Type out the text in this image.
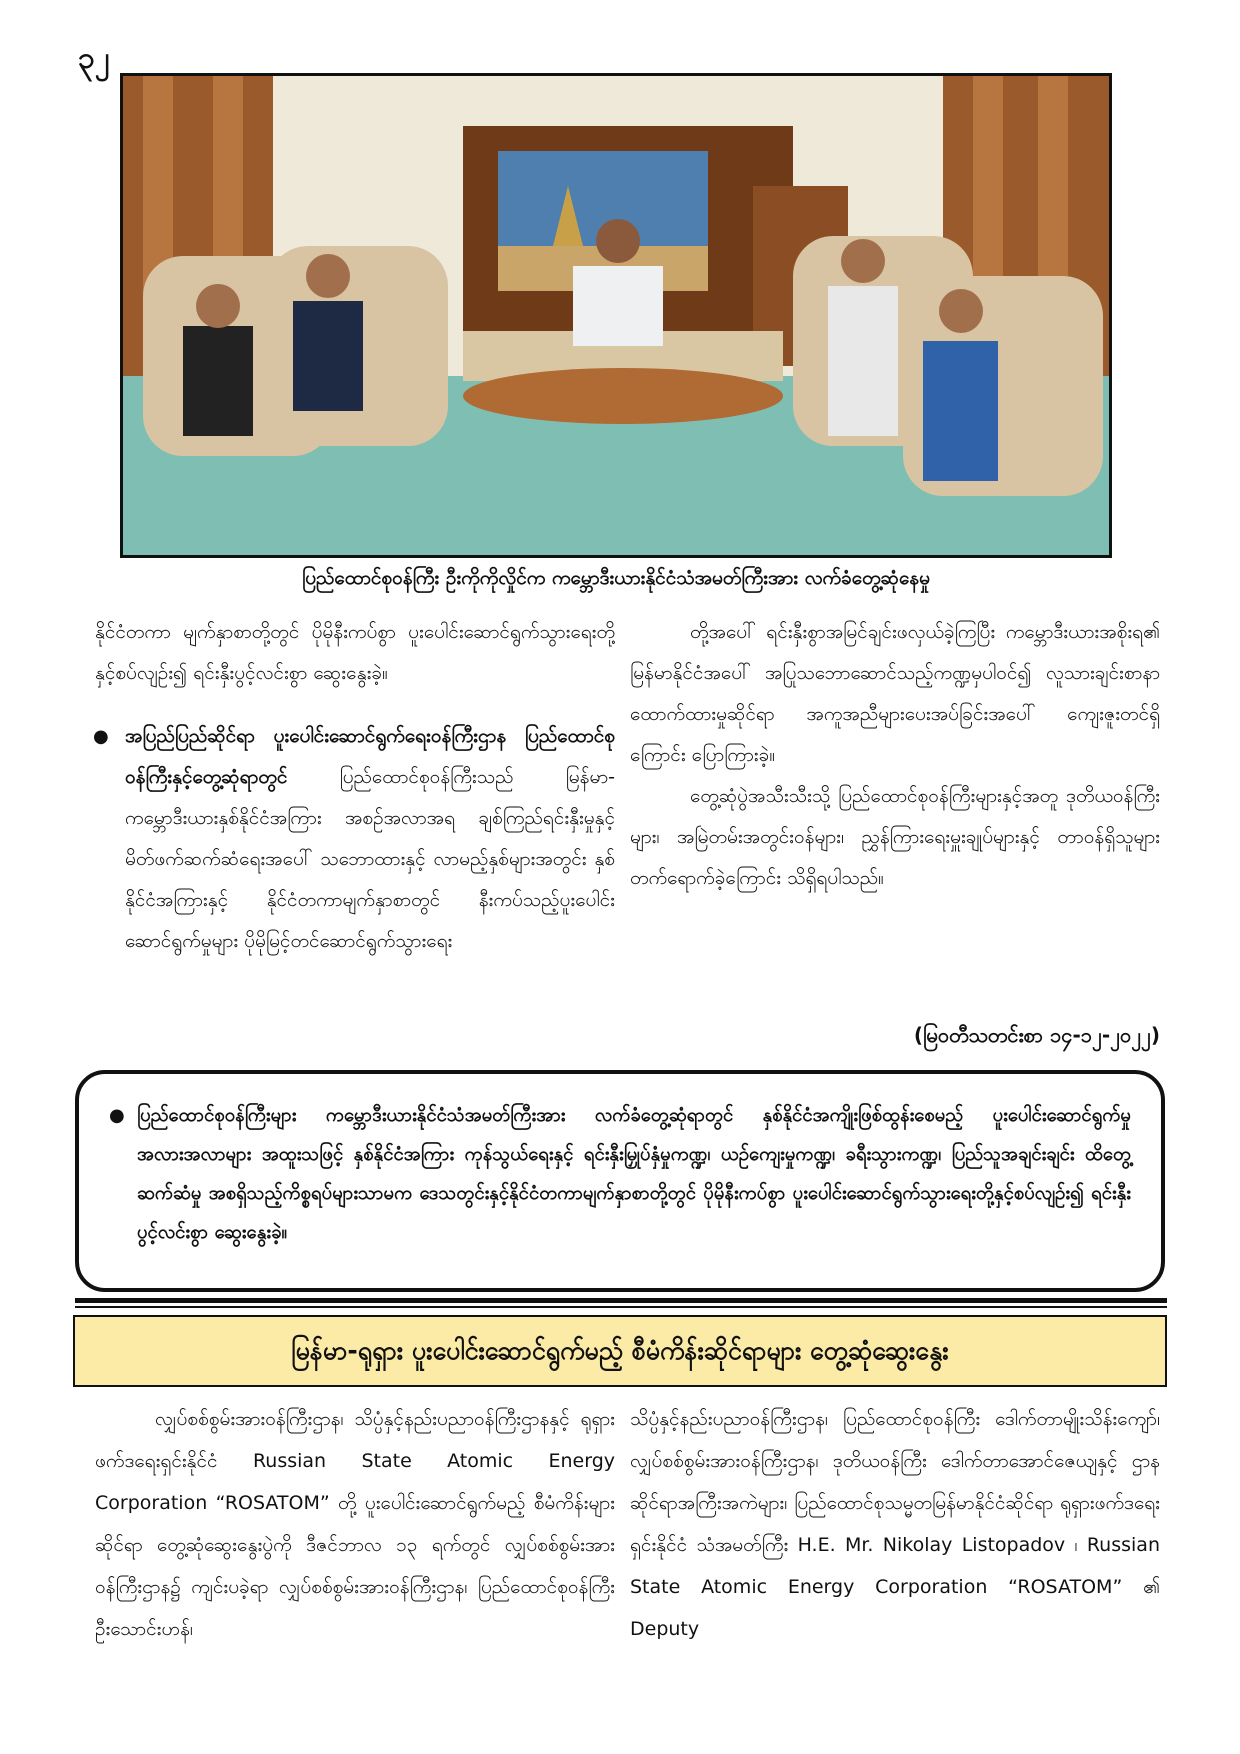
၃၂
ပြည်ထောင်စုဝန်ကြီး ဦးကိုကိုလှိုင်က ကမ္ဘောဒီးယားနိုင်ငံသံအမတ်ကြီးအား လက်ခံတွေ့ဆုံနေမှု

နိုင်ငံတကာ မျက်နှာစာတို့တွင် ပိုမိုနီးကပ်စွာ ပူးပေါင်းဆောင်ရွက်သွားရေးတို့နှင့်စပ်လျဉ်း၍ ရင်းနှီးပွင့်လင်းစွာ ဆွေးနွေးခဲ့။

● အပြည်ပြည်ဆိုင်ရာ ပူးပေါင်းဆောင်ရွက်ရေးဝန်ကြီးဌာန ပြည်ထောင်စုဝန်ကြီးနှင့်တွေ့ဆုံရာတွင် ပြည်ထောင်စုဝန်ကြီးသည် မြန်မာ-ကမ္ဘောဒီးယားနှစ်နိုင်ငံအကြား အစဉ်အလာအရ ချစ်ကြည်ရင်းနှီးမှုနှင့် မိတ်ဖက်ဆက်ဆံရေးအပေါ် သဘောထားနှင့် လာမည့်နှစ်များအတွင်း နှစ်နိုင်ငံအကြားနှင့် နိုင်ငံတကာမျက်နှာစာတွင် နီးကပ်သည့်ပူးပေါင်းဆောင်ရွက်မှုများ ပိုမိုမြင့်တင်ဆောင်ရွက်သွားရေး

တို့အပေါ် ရင်းနှီးစွာအမြင်ချင်းဖလှယ်ခဲ့ကြပြီး ကမ္ဘောဒီးယားအစိုးရ၏ မြန်မာနိုင်ငံအပေါ် အပြုသဘောဆောင်သည့်ကဏ္ဍမှပါဝင်၍ လူသားချင်းစာနာထောက်ထားမှုဆိုင်ရာ အကူအညီများပေးအပ်ခြင်းအပေါ် ကျေးဇူးတင်ရှိကြောင်း ပြောကြားခဲ့။

တွေ့ဆုံပွဲအသီးသီးသို့ ပြည်ထောင်စုဝန်ကြီးများနှင့်အတူ ဒုတိယဝန်ကြီးများ၊ အမြဲတမ်းအတွင်းဝန်များ၊ ညွှန်ကြားရေးမှူးချုပ်များနှင့် တာဝန်ရှိသူများ တက်ရောက်ခဲ့ကြောင်း သိရှိရပါသည်။

(မြဝတီသတင်းစာ ၁၄-၁၂-၂၀၂၂)
● ပြည်ထောင်စုဝန်ကြီးများ ကမ္ဘောဒီးယားနိုင်ငံသံအမတ်ကြီးအား လက်ခံတွေ့ဆုံရာတွင် နှစ်နိုင်ငံအကျိုးဖြစ်ထွန်းစေမည့် ပူးပေါင်းဆောင်ရွက်မှု အလားအလာများ အထူးသဖြင့် နှစ်နိုင်ငံအကြား ကုန်သွယ်ရေးနှင့် ရင်းနှီးမြှုပ်နှံမှုကဏ္ဍ၊ ယဉ်ကျေးမှုကဏ္ဍ၊ ခရီးသွားကဏ္ဍ၊ ပြည်သူအချင်းချင်း ထိတွေ့ဆက်ဆံမှု အစရှိသည့်ကိစ္စရပ်များသာမက ဒေသတွင်းနှင့်နိုင်ငံတကာမျက်နှာစာတို့တွင် ပိုမိုနီးကပ်စွာ ပူးပေါင်းဆောင်ရွက်သွားရေးတို့နှင့်စပ်လျဉ်း၍ ရင်းနှီးပွင့်လင်းစွာ ဆွေးနွေးခဲ့။
မြန်မာ-ရုရှား ပူးပေါင်းဆောင်ရွက်မည့် စီမံကိန်းဆိုင်ရာများ တွေ့ဆုံဆွေးနွေး

လျှပ်စစ်စွမ်းအားဝန်ကြီးဌာန၊ သိပ္ပံနှင့်နည်းပညာဝန်ကြီးဌာနနှင့် ရုရှားဖက်ဒရေးရှင်းနိုင်ငံ Russian State Atomic Energy Corporation “ROSATOM” တို့ ပူးပေါင်းဆောင်ရွက်မည့် စီမံကိန်းများဆိုင်ရာ တွေ့ဆုံဆွေးနွေးပွဲကို ဒီဇင်ဘာလ ၁၃ ရက်တွင် လျှပ်စစ်စွမ်းအားဝန်ကြီးဌာန၌ ကျင်းပခဲ့ရာ လျှပ်စစ်စွမ်းအားဝန်ကြီးဌာန၊ ပြည်ထောင်စုဝန်ကြီး ဦးသောင်းဟန်၊

သိပ္ပံနှင့်နည်းပညာဝန်ကြီးဌာန၊ ပြည်ထောင်စုဝန်ကြီး ဒေါက်တာမျိုးသိန်းကျော်၊ လျှပ်စစ်စွမ်းအားဝန်ကြီးဌာန၊ ဒုတိယဝန်ကြီး ဒေါက်တာအောင်ဇေယျနှင့် ဌာနဆိုင်ရာအကြီးအကဲများ၊ ပြည်ထောင်စုသမ္မတမြန်မာနိုင်ငံဆိုင်ရာ ရုရှားဖက်ဒရေးရှင်းနိုင်ငံ သံအမတ်ကြီး H.E. Mr. Nikolay Listopadov ၊ Russian State Atomic Energy Corporation “ROSATOM” ၏ Deputy
